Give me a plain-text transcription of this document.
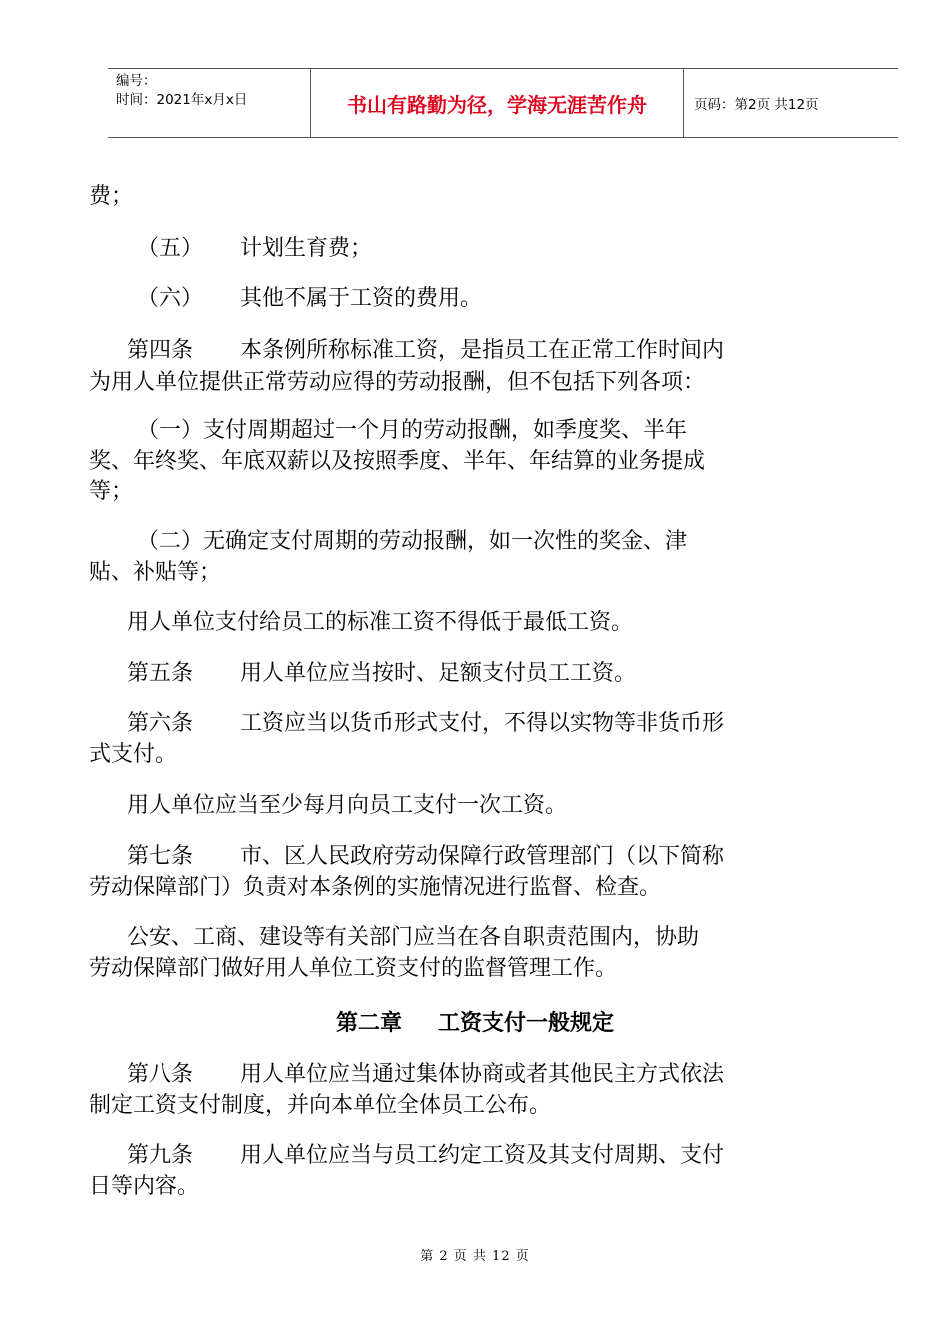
编号：
时间：2021年x月x日	书山有路勤为径，学海无涯苦作舟	页码：第2页 共12页
费；
（五） 计划生育费；
（六） 其他不属于工资的费用。
第四条 本条例所称标准工资，是指员工在正常工作时间内
为用人单位提供正常劳动应得的劳动报酬，但不包括下列各项：
（一）支付周期超过一个月的劳动报酬，如季度奖、半年
奖、年终奖、年底双薪以及按照季度、半年、年结算的业务提成
等；
（二）无确定支付周期的劳动报酬，如一次性的奖金、津
贴、补贴等；
用人单位支付给员工的标准工资不得低于最低工资。
第五条 用人单位应当按时、足额支付员工工资。
第六条 工资应当以货币形式支付，不得以实物等非货币形
式支付。
用人单位应当至少每月向员工支付一次工资。
第七条 市、区人民政府劳动保障行政管理部门（以下简称
劳动保障部门）负责对本条例的实施情况进行监督、检查。
公安、工商、建设等有关部门应当在各自职责范围内，协助
劳动保障部门做好用人单位工资支付的监督管理工作。
第二章 工资支付一般规定
第八条 用人单位应当通过集体协商或者其他民主方式依法
制定工资支付制度，并向本单位全体员工公布。
第九条 用人单位应当与员工约定工资及其支付周期、支付
日等内容。
第 2 页 共 12 页
